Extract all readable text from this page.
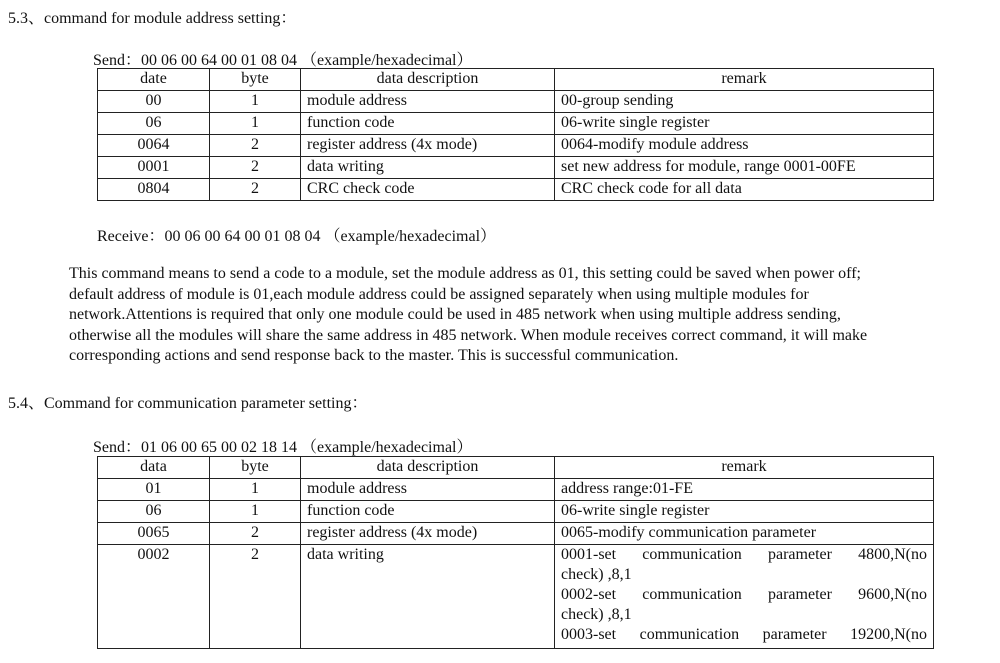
5.3、command for module address setting：
Send：00 06 00 64 00 01 08 04 （example/hexadecimal）
date	byte	data description	remark
00	1	module address	00-group sending
06	1	function code	06-write single register
0064	2	register address (4x mode)	0064-modify module address
0001	2	data writing	set new address for module, range 0001-00FE
0804	2	CRC check code	CRC check code for all data
Receive：00 06 00 64 00 01 08 04 （example/hexadecimal）
This command means to send a code to a module, set the module address as 01, this setting could be saved when power off;
default address of module is 01,each module address could be assigned separately when using multiple modules for
network.Attentions is required that only one module could be used in 485 network when using multiple address sending,
otherwise all the modules will share the same address in 485 network. When module receives correct command, it will make
corresponding actions and send response back to the master. This is successful communication.
5.4、Command for communication parameter setting：
Send：01 06 00 65 00 02 18 14 （example/hexadecimal）
data	byte	data description	remark
01	1	module address	address range:01-FE
06	1	function code	06-write single register
0065	2	register address (4x mode)	0065-modify communication parameter
0002	2	data writing	0001-set communication parameter 4800,N(no
check) ,8,1
0002-set communication parameter 9600,N(no
check) ,8,1
0003-set communication parameter 19200,N(no
